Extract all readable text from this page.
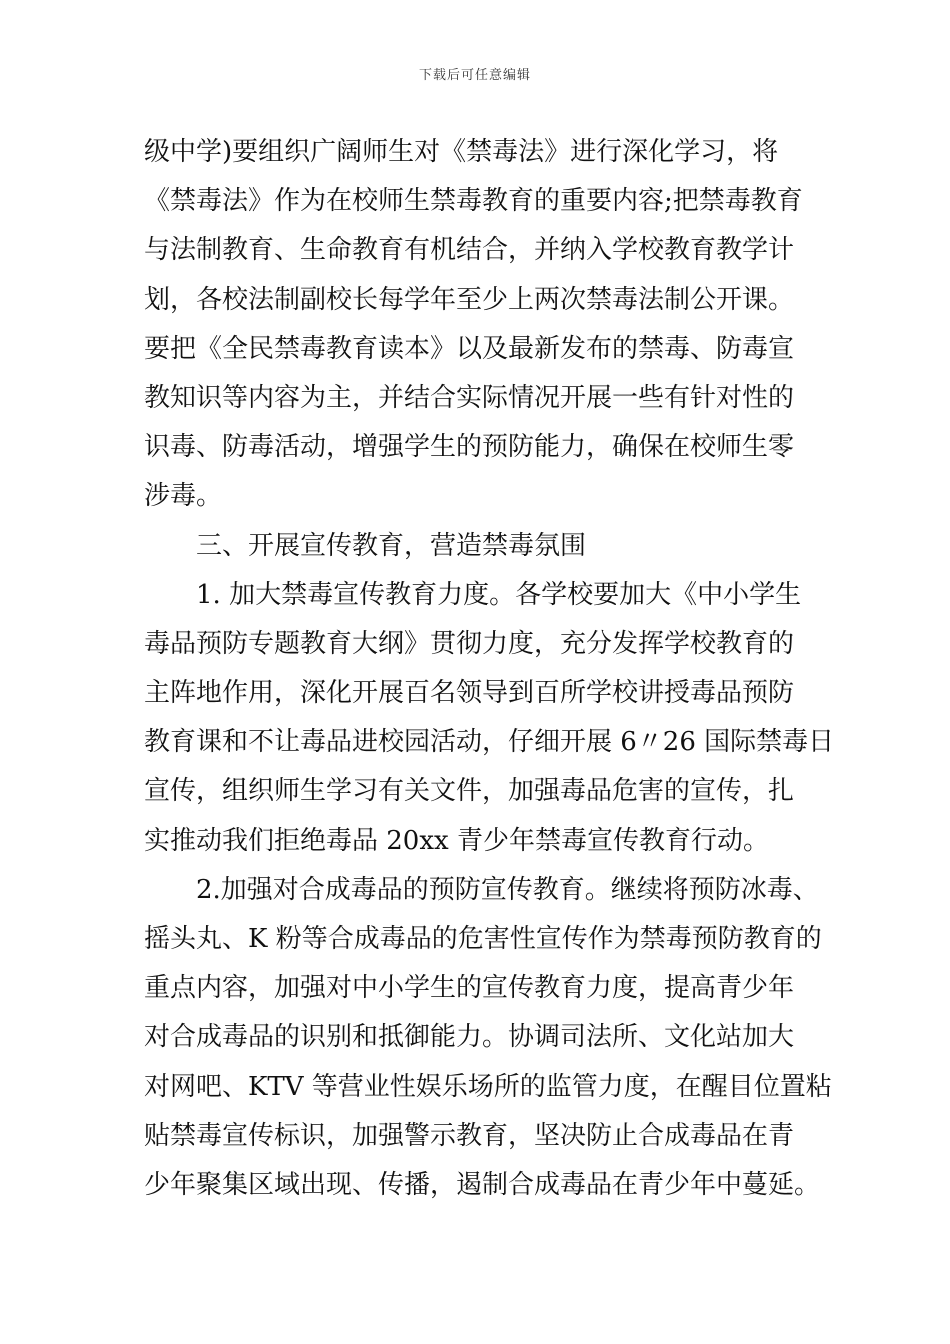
下载后可任意编辑
级中学)要组织广阔师生对《禁毒法》进行深化学习，将
《禁毒法》作为在校师生禁毒教育的重要内容;把禁毒教育
与法制教育、生命教育有机结合，并纳入学校教育教学计
划，各校法制副校长每学年至少上两次禁毒法制公开课。
要把《全民禁毒教育读本》以及最新发布的禁毒、防毒宣
教知识等内容为主，并结合实际情况开展一些有针对性的
识毒、防毒活动，增强学生的预防能力，确保在校师生零
涉毒。
三、开展宣传教育，营造禁毒氛围
1. 加大禁毒宣传教育力度。各学校要加大《中小学生
毒品预防专题教育大纲》贯彻力度，充分发挥学校教育的
主阵地作用，深化开展百名领导到百所学校讲授毒品预防
教育课和不让毒品进校园活动，仔细开展 6〃26 国际禁毒日
宣传，组织师生学习有关文件，加强毒品危害的宣传，扎
实推动我们拒绝毒品 20xx 青少年禁毒宣传教育行动。
2.加强对合成毒品的预防宣传教育。继续将预防冰毒、
摇头丸、K 粉等合成毒品的危害性宣传作为禁毒预防教育的
重点内容，加强对中小学生的宣传教育力度，提高青少年
对合成毒品的识别和抵御能力。协调司法所、文化站加大
对网吧、KTV 等营业性娱乐场所的监管力度，在醒目位置粘
贴禁毒宣传标识，加强警示教育，坚决防止合成毒品在青
少年聚集区域出现、传播，遏制合成毒品在青少年中蔓延。
